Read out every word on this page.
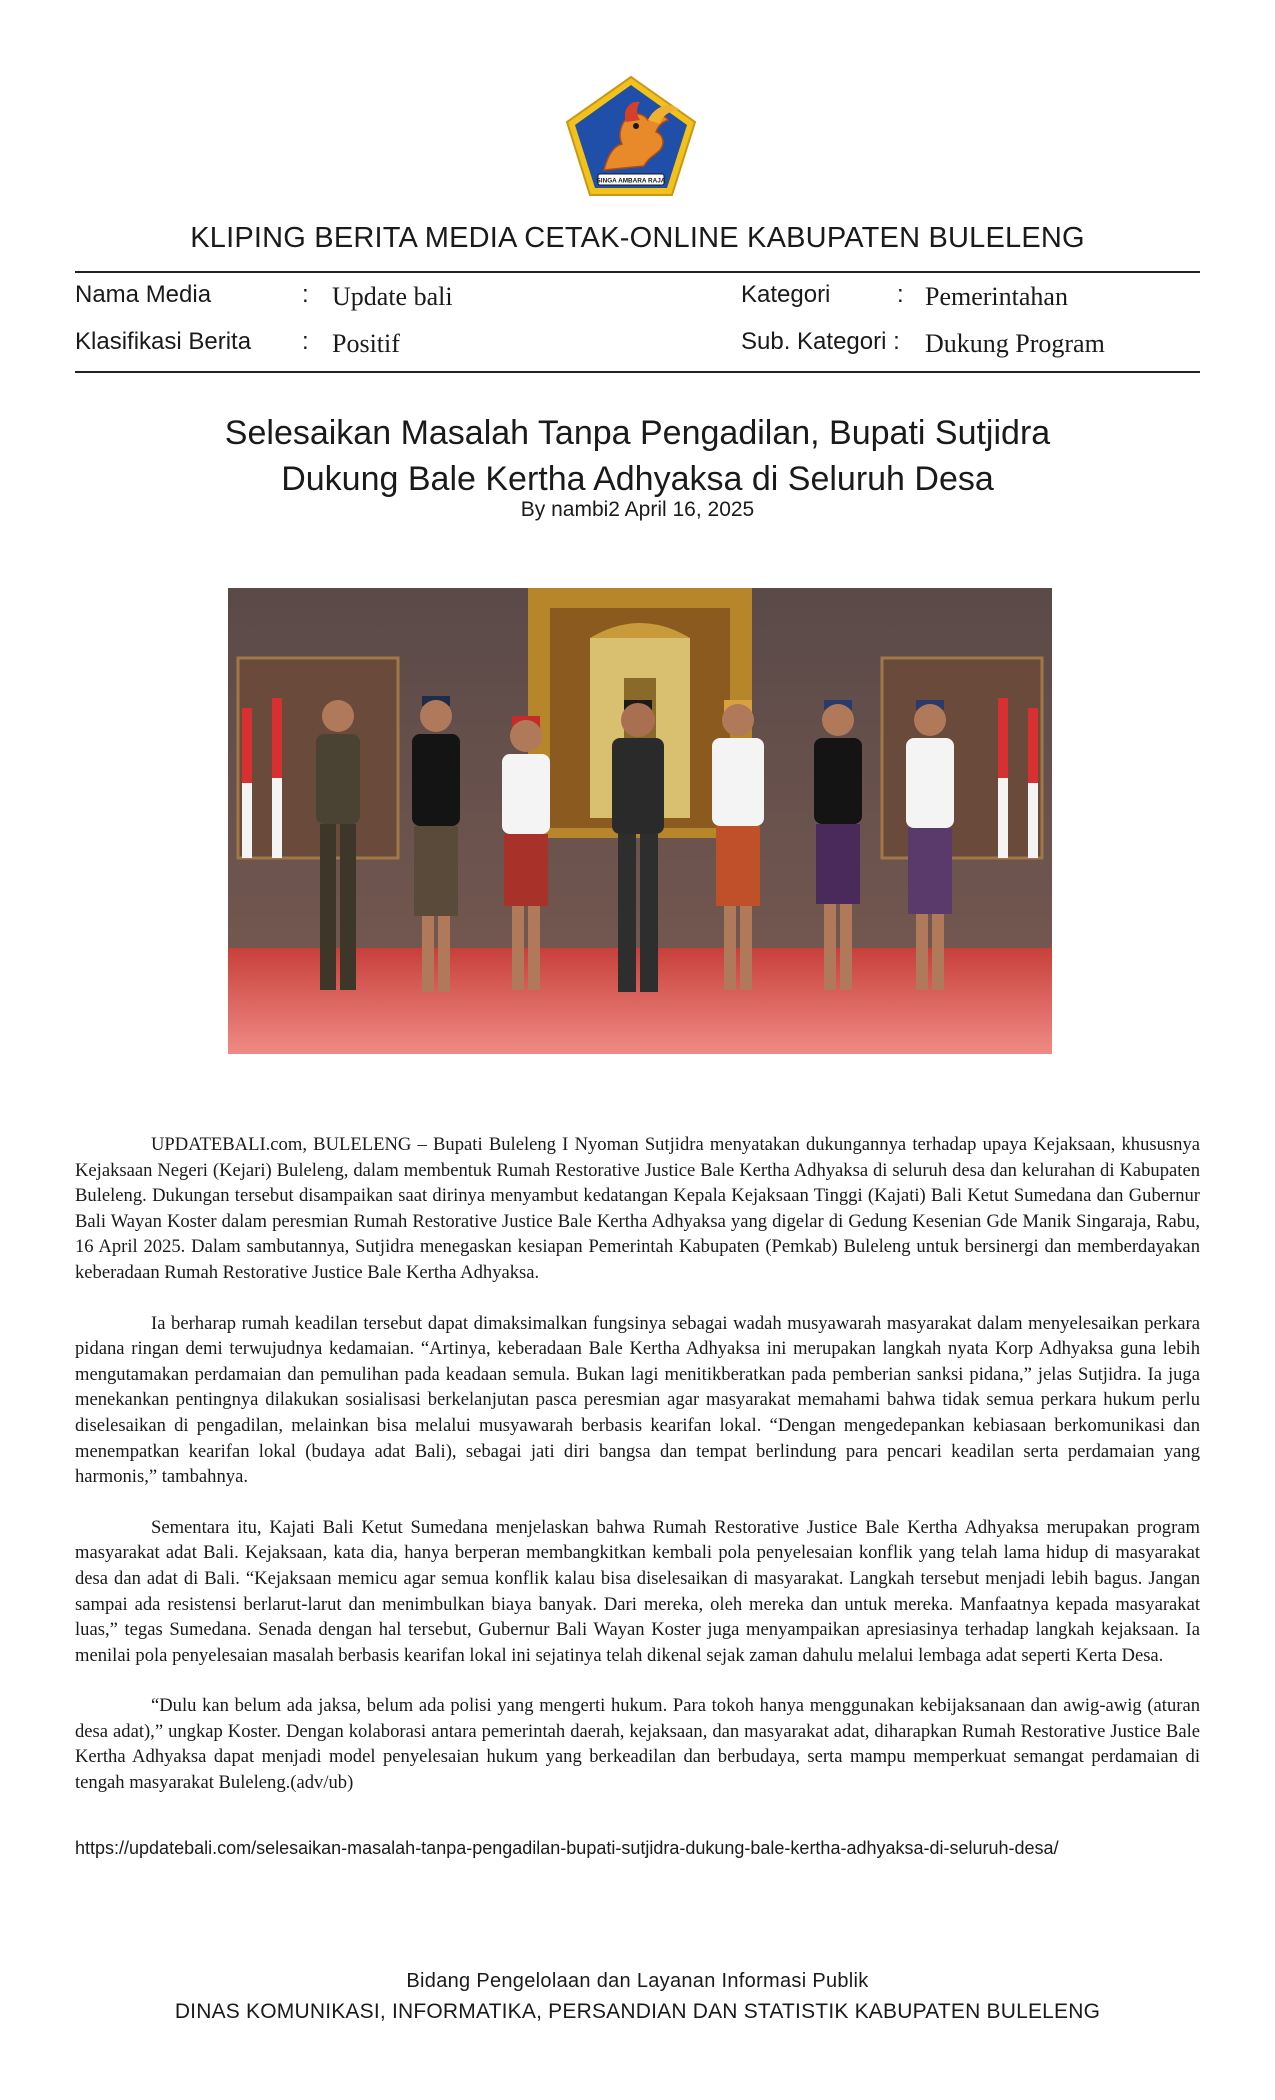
SINGA AMBARA RAJA
KLIPING BERITA MEDIA CETAK-ONLINE KABUPATEN BULELENG
Nama Media	: Update bali	Kategori	: Pemerintahan
Klasifikasi Berita : Positif	Sub. Kategori : Dukung Program
Selesaikan Masalah Tanpa Pengadilan, Bupati Sutjidra
Dukung Bale Kertha Adhyaksa di Seluruh Desa
By nambi2 April 16, 2025

UPDATEBALI.com, BULELENG – Bupati Buleleng I Nyoman Sutjidra menyatakan dukungannya terhadap upaya Kejaksaan, khususnya Kejaksaan Negeri (Kejari) Buleleng, dalam membentuk Rumah Restorative Justice Bale Kertha Adhyaksa di seluruh desa dan kelurahan di Kabupaten Buleleng. Dukungan tersebut disampaikan saat dirinya menyambut kedatangan Kepala Kejaksaan Tinggi (Kajati) Bali Ketut Sumedana dan Gubernur Bali Wayan Koster dalam peresmian Rumah Restorative Justice Bale Kertha Adhyaksa yang digelar di Gedung Kesenian Gde Manik Singaraja, Rabu, 16 April 2025. Dalam sambutannya, Sutjidra menegaskan kesiapan Pemerintah Kabupaten (Pemkab) Buleleng untuk bersinergi dan memberdayakan keberadaan Rumah Restorative Justice Bale Kertha Adhyaksa.

Ia berharap rumah keadilan tersebut dapat dimaksimalkan fungsinya sebagai wadah musyawarah masyarakat dalam menyelesaikan perkara pidana ringan demi terwujudnya kedamaian. “Artinya, keberadaan Bale Kertha Adhyaksa ini merupakan langkah nyata Korp Adhyaksa guna lebih mengutamakan perdamaian dan pemulihan pada keadaan semula. Bukan lagi menitikberatkan pada pemberian sanksi pidana,” jelas Sutjidra. Ia juga menekankan pentingnya dilakukan sosialisasi berkelanjutan pasca peresmian agar masyarakat memahami bahwa tidak semua perkara hukum perlu diselesaikan di pengadilan, melainkan bisa melalui musyawarah berbasis kearifan lokal. “Dengan mengedepankan kebiasaan berkomunikasi dan menempatkan kearifan lokal (budaya adat Bali), sebagai jati diri bangsa dan tempat berlindung para pencari keadilan serta perdamaian yang harmonis,” tambahnya.

Sementara itu, Kajati Bali Ketut Sumedana menjelaskan bahwa Rumah Restorative Justice Bale Kertha Adhyaksa merupakan program masyarakat adat Bali. Kejaksaan, kata dia, hanya berperan membangkitkan kembali pola penyelesaian konflik yang telah lama hidup di masyarakat desa dan adat di Bali. “Kejaksaan memicu agar semua konflik kalau bisa diselesaikan di masyarakat. Langkah tersebut menjadi lebih bagus. Jangan sampai ada resistensi berlarut-larut dan menimbulkan biaya banyak. Dari mereka, oleh mereka dan untuk mereka. Manfaatnya kepada masyarakat luas,” tegas Sumedana. Senada dengan hal tersebut, Gubernur Bali Wayan Koster juga menyampaikan apresiasinya terhadap langkah kejaksaan. Ia menilai pola penyelesaian masalah berbasis kearifan lokal ini sejatinya telah dikenal sejak zaman dahulu melalui lembaga adat seperti Kerta Desa.

“Dulu kan belum ada jaksa, belum ada polisi yang mengerti hukum. Para tokoh hanya menggunakan kebijaksanaan dan awig-awig (aturan desa adat),” ungkap Koster. Dengan kolaborasi antara pemerintah daerah, kejaksaan, dan masyarakat adat, diharapkan Rumah Restorative Justice Bale Kertha Adhyaksa dapat menjadi model penyelesaian hukum yang berkeadilan dan berbudaya, serta mampu memperkuat semangat perdamaian di tengah masyarakat Buleleng.(adv/ub)

https://updatebali.com/selesaikan-masalah-tanpa-pengadilan-bupati-sutjidra-dukung-bale-kertha-adhyaksa-di-seluruh-desa/
Bidang Pengelolaan dan Layanan Informasi Publik
DINAS KOMUNIKASI, INFORMATIKA, PERSANDIAN DAN STATISTIK KABUPATEN BULELENG
